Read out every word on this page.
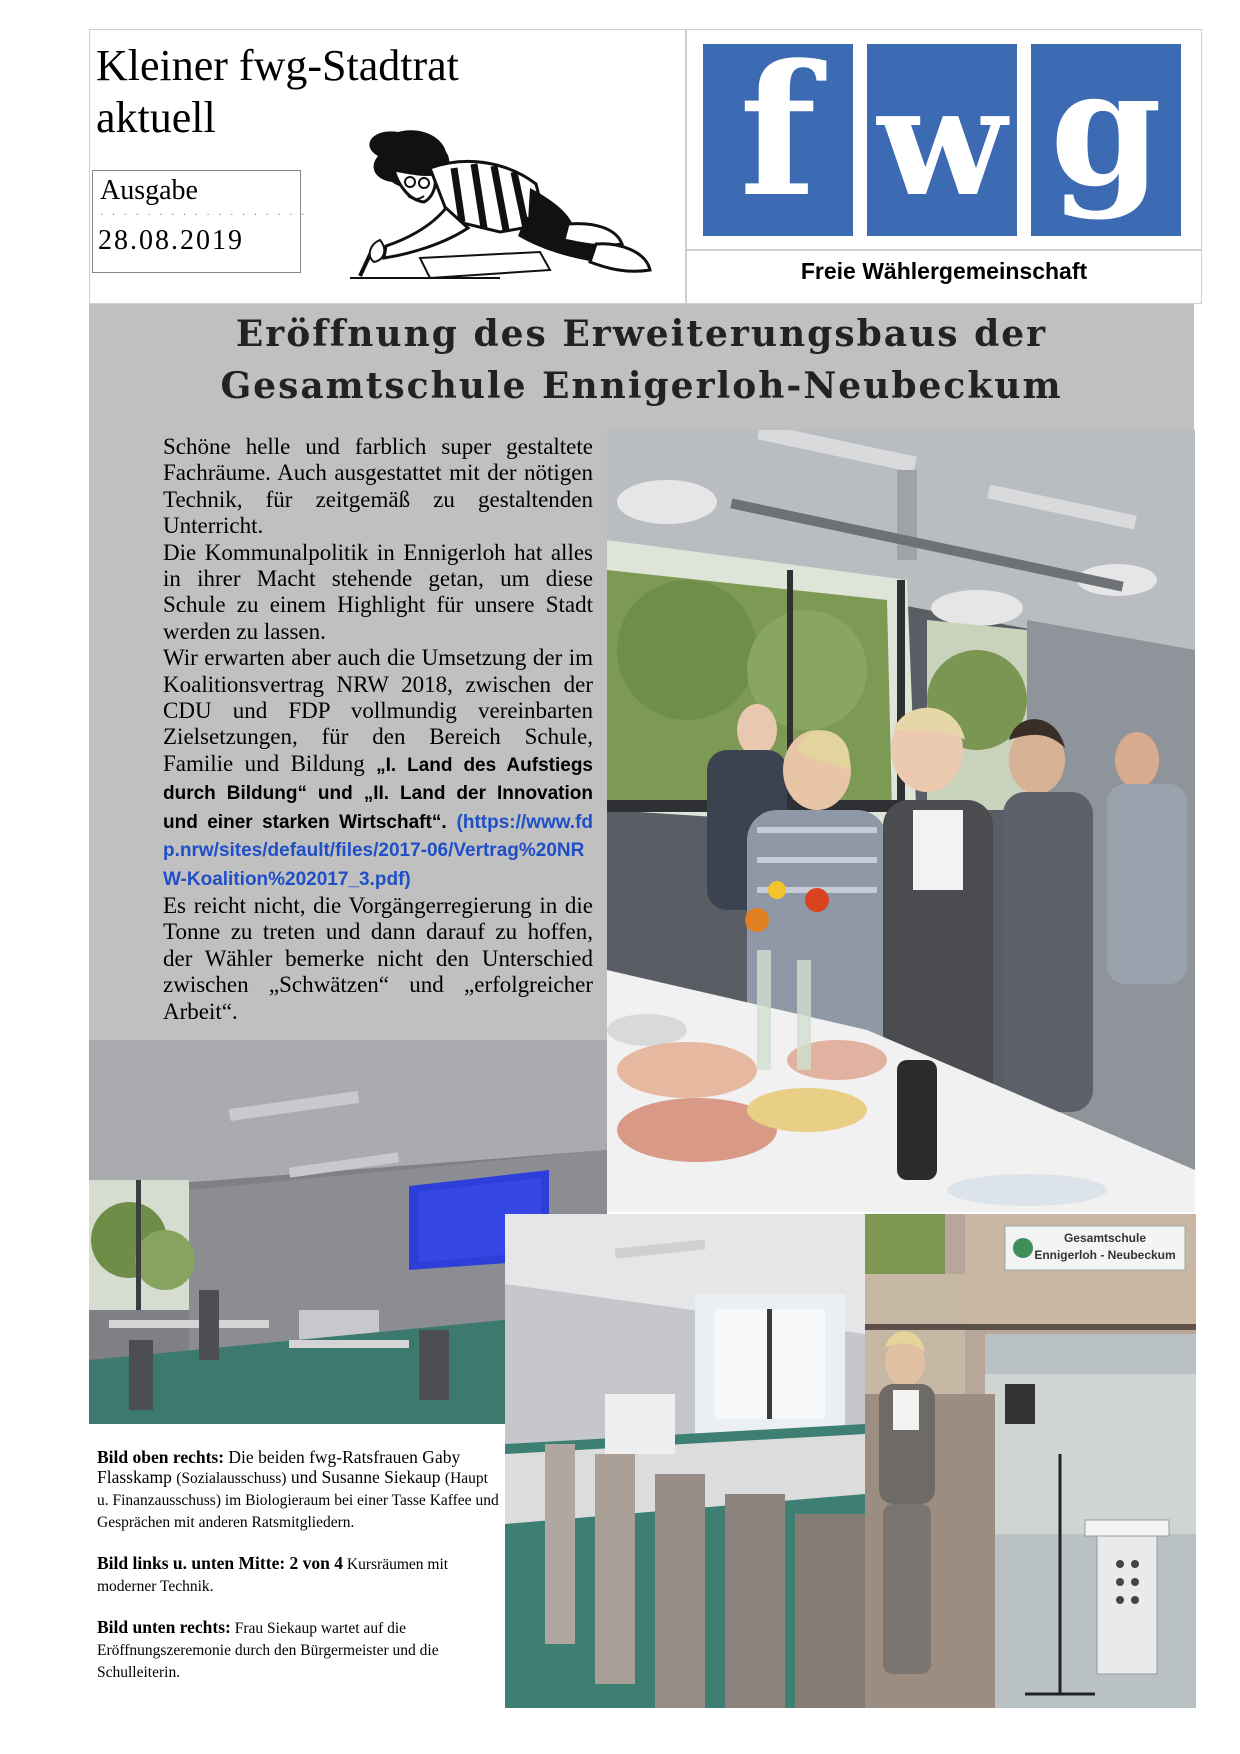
Kleiner fwg-Stadtrat
aktuell
Ausgabe
· · · · · · · · · · · · · · · · · ·
28.08.2019
f w g
Freie Wählergemeinschaft
Eröffnung des Erweiterungsbaus der
Gesamtschule Ennigerloh-Neubeckum

Schöne helle und farblich super gestaltete Fachräume. Auch ausgestattet mit der nötigen Technik, für zeitgemäß zu gestaltenden Unterricht.

Die Kommunalpolitik in Ennigerloh hat alles in ihrer Macht stehende getan, um diese Schule zu einem Highlight für unsere Stadt werden zu lassen.

Wir erwarten aber auch die Umsetzung der im Koalitionsvertrag NRW 2018, zwischen der CDU und FDP vollmundig vereinbarten Zielsetzungen, für den Bereich Schule, Familie und Bildung „I. Land des Aufstiegs durch Bildung“ und „II. Land der Innovation und einer starken Wirtschaft“. (https://www.fdp.nrw/sites/default/files/2017-06/Vertrag%20NRW-Koalition%202017_3.pdf)

Es reicht nicht, die Vorgängerregierung in die Tonne zu treten und dann darauf zu hoffen, der Wähler bemerke nicht den Unterschied zwischen „Schwätzen“ und „erfolgreicher Arbeit“.

Gesamtschule
Ennigerloh - Neubeckum

Bild oben rechts: Die beiden fwg-Ratsfrauen Gaby Flasskamp (Sozialausschuss) und Susanne Siekaup (Haupt u. Finanzausschuss) im Biologieraum bei einer Tasse Kaffee und Gesprächen mit anderen Ratsmitgliedern.

Bild links u. unten Mitte: 2 von 4 Kursräumen mit moderner Technik.

Bild unten rechts: Frau Siekaup wartet auf die Eröffnungszeremonie durch den Bürgermeister und die Schulleiterin.
